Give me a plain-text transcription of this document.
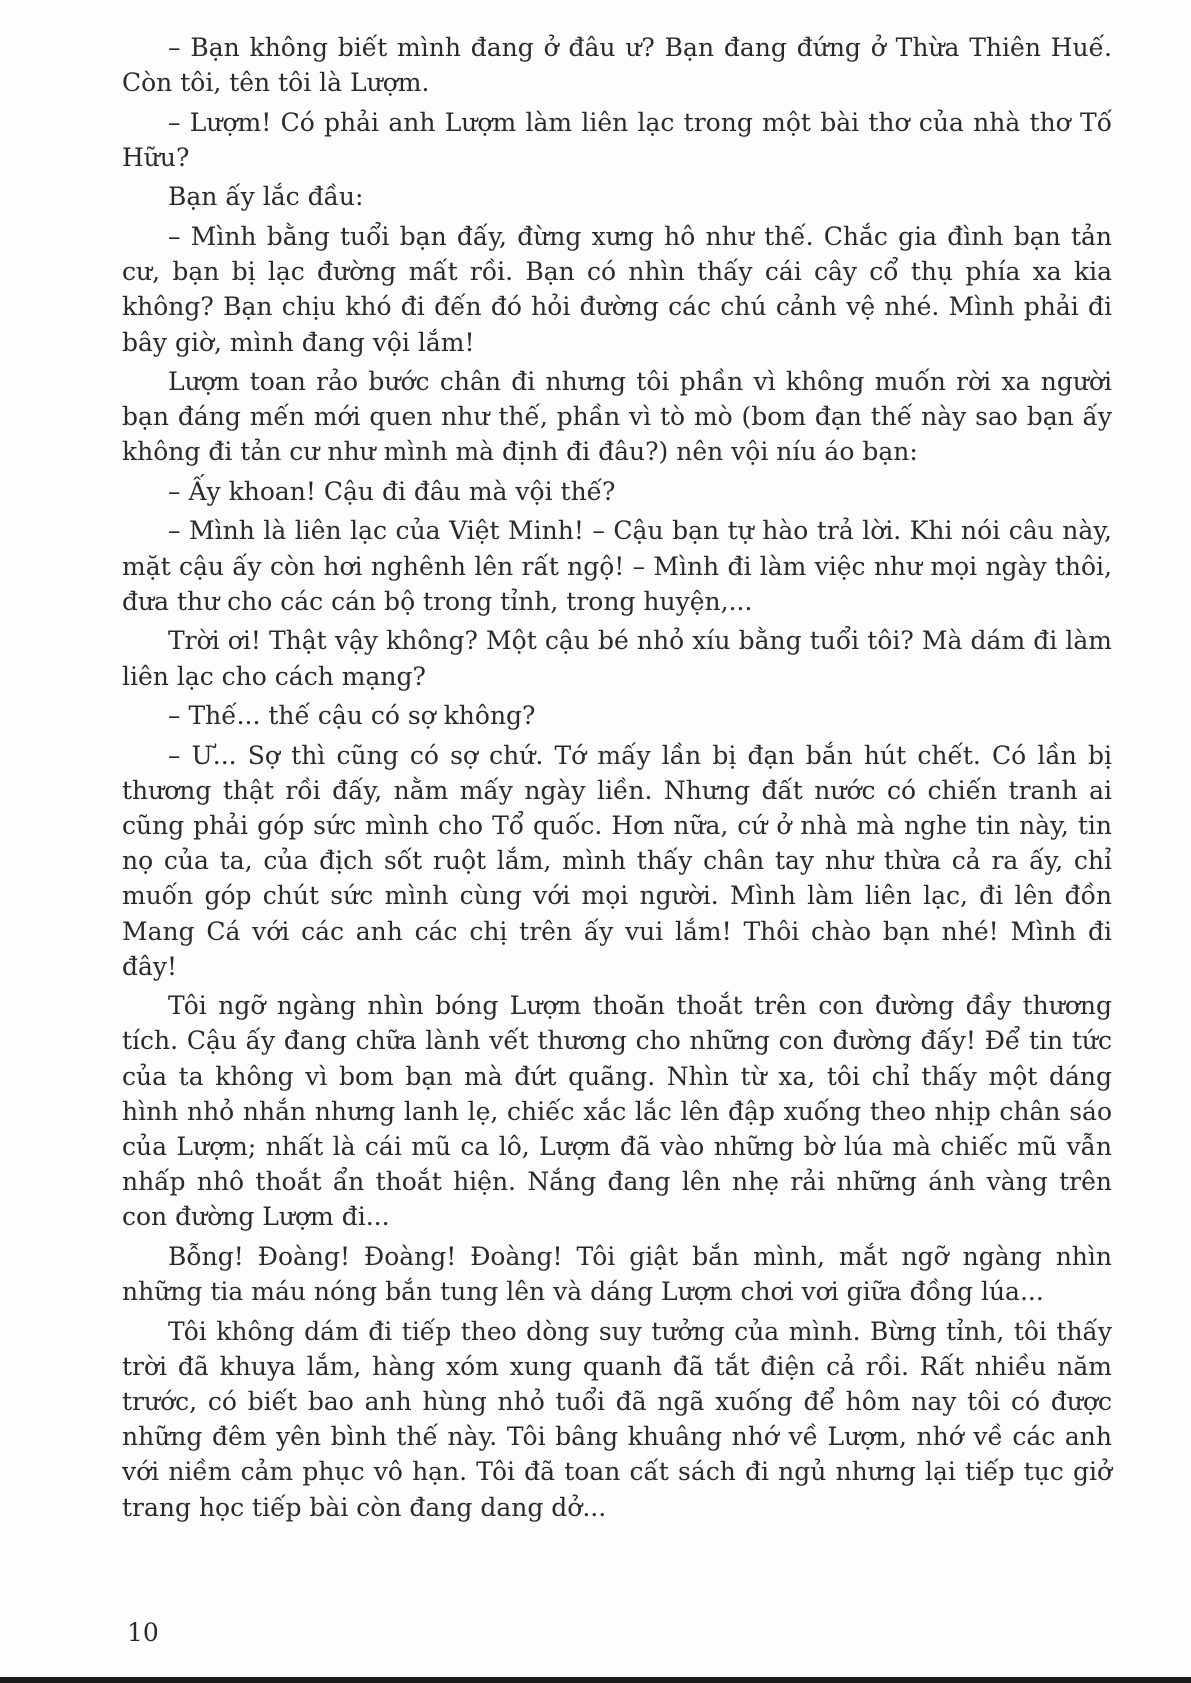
– Bạn không biết mình đang ở đâu ư? Bạn đang đứng ở Thừa Thiên Huế. Còn tôi, tên tôi là Lượm.

– Lượm! Có phải anh Lượm làm liên lạc trong một bài thơ của nhà thơ Tố Hữu?

Bạn ấy lắc đầu:

– Mình bằng tuổi bạn đấy, đừng xưng hô như thế. Chắc gia đình bạn tản cư, bạn bị lạc đường mất rồi. Bạn có nhìn thấy cái cây cổ thụ phía xa kia không? Bạn chịu khó đi đến đó hỏi đường các chú cảnh vệ nhé. Mình phải đi bây giờ, mình đang vội lắm!

Lượm toan rảo bước chân đi nhưng tôi phần vì không muốn rời xa người bạn đáng mến mới quen như thế, phần vì tò mò (bom đạn thế này sao bạn ấy không đi tản cư như mình mà định đi đâu?) nên vội níu áo bạn:

– Ấy khoan! Cậu đi đâu mà vội thế?

– Mình là liên lạc của Việt Minh! – Cậu bạn tự hào trả lời. Khi nói câu này, mặt cậu ấy còn hơi nghênh lên rất ngộ! – Mình đi làm việc như mọi ngày thôi, đưa thư cho các cán bộ trong tỉnh, trong huyện,...

Trời ơi! Thật vậy không? Một cậu bé nhỏ xíu bằng tuổi tôi? Mà dám đi làm liên lạc cho cách mạng?

– Thế... thế cậu có sợ không?

– Ư... Sợ thì cũng có sợ chứ. Tớ mấy lần bị đạn bắn hút chết. Có lần bị thương thật rồi đấy, nằm mấy ngày liền. Nhưng đất nước có chiến tranh ai cũng phải góp sức mình cho Tổ quốc. Hơn nữa, cứ ở nhà mà nghe tin này, tin nọ của ta, của địch sốt ruột lắm, mình thấy chân tay như thừa cả ra ấy, chỉ muốn góp chút sức mình cùng với mọi người. Mình làm liên lạc, đi lên đồn Mang Cá với các anh các chị trên ấy vui lắm! Thôi chào bạn nhé! Mình đi đây!

Tôi ngỡ ngàng nhìn bóng Lượm thoăn thoắt trên con đường đầy thương tích. Cậu ấy đang chữa lành vết thương cho những con đường đấy! Để tin tức của ta không vì bom bạn mà đứt quãng. Nhìn từ xa, tôi chỉ thấy một dáng hình nhỏ nhắn nhưng lanh lẹ, chiếc xắc lắc lên đập xuống theo nhịp chân sáo của Lượm; nhất là cái mũ ca lô, Lượm đã vào những bờ lúa mà chiếc mũ vẫn nhấp nhô thoắt ẩn thoắt hiện. Nắng đang lên nhẹ rải những ánh vàng trên con đường Lượm đi...

Bỗng! Đoàng! Đoàng! Đoàng! Tôi giật bắn mình, mắt ngỡ ngàng nhìn những tia máu nóng bắn tung lên và dáng Lượm chơi vơi giữa đồng lúa...

Tôi không dám đi tiếp theo dòng suy tưởng của mình. Bừng tỉnh, tôi thấy trời đã khuya lắm, hàng xóm xung quanh đã tắt điện cả rồi. Rất nhiều năm trước, có biết bao anh hùng nhỏ tuổi đã ngã xuống để hôm nay tôi có được những đêm yên bình thế này. Tôi bâng khuâng nhớ về Lượm, nhớ về các anh với niềm cảm phục vô hạn. Tôi đã toan cất sách đi ngủ nhưng lại tiếp tục giở trang học tiếp bài còn đang dang dở...

10
